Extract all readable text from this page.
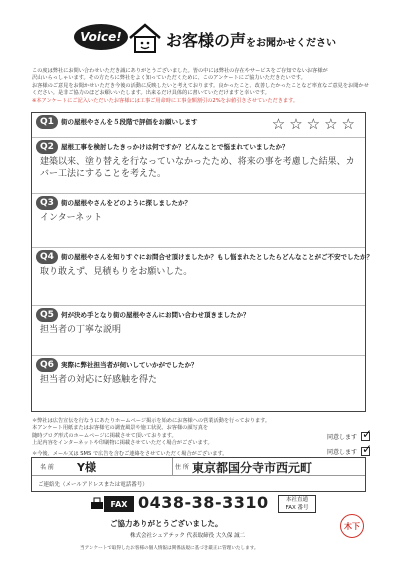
Voice!	お客様の声をお聞かせください
この度は弊社にお問い合わせいただき誠にありがとうございました。皆の中には弊社の存在やサービスをご存知でないお客様が
沢山いらっしゃいます。その方たちに弊社をよく知っていただくために、このアンケートにご協力いただきたいです。
お客様のご意見をお聞かせいただき今後の活動に反映したいと考えております。良かったこと、改善したかったことなど率直なご意見をお聞かせ
ください。是非ご協力のほどお願いいたします。出来るだけ具体的に書いていただけますと幸いです。
※本アンケートにご記入いただいたお客様には工事ご用命時に工事金額割引の2%をお値引きさせていただきます。
Q1	街の屋根やさんを５段階で評価をお願いします	☆☆☆☆☆
Q2	屋根工事を検討したきっかけは何ですか？どんなことで悩まれていましたか？
建築以来、塗り替えを行なっていなかったため、将来の事を考慮した結果、カバー工法にすることを考えた。
Q3	街の屋根やさんをどのように探しましたか？
インターネット
Q4	街の屋根やさんを知りすぐにお問合せ頂けましたか？もし悩まれたとしたらどんなことがご不安でしたか？
取り敢えず、見積もりをお願いした。
Q5	何が決め手となり街の屋根やさんにお問い合わせ頂きましたか？
担当者の丁寧な説明
Q6	実際に弊社担当者が伺いしていかがでしたか？
担当者の対応に好感触を得た
＊弊社は広告宣伝を行なうにあたりホームページ掲示を始めにお客様への営業活動を行っております。
本アンケート用紙またはお客様宅の調査風景や施工状況、お客様の顔写真を
随時ブログ形式のホームページに掲載させて頂いております。
上記内容をインターネットや印刷物に掲載させていただく場合がございます。
＊今後、メール又は SMS で広告を含むご連絡をさせていただく場合がございます。
同意します
✓
同意します
✓
名 前 Y様	住 所 東京都国分寺市西元町
ご連絡先（メールアドレスまたは電話番号）
FAX 0438-38-3310	本社直通
FAX 番号
ご協力ありがとうございました。
株式会社シェアテック 代表取締役 大久保 誠二
当アンケートで取得したお客様の個人情報は関係法規に基づき厳正に管理いたします。
木下
